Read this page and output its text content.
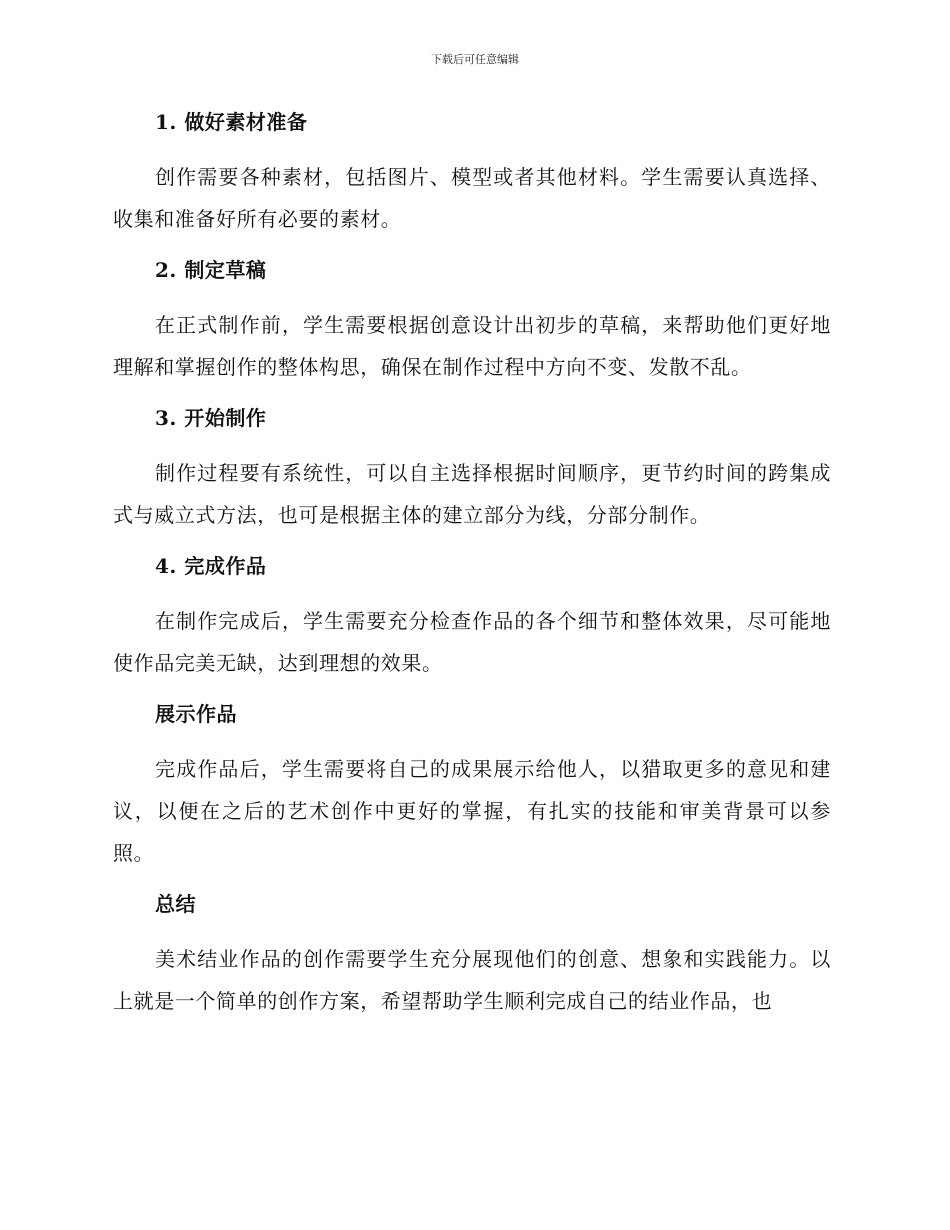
下载后可任意编辑
1. 做好素材准备

创作需要各种素材，包括图片、模型或者其他材料。学生需要认真选择、收集和准备好所有必要的素材。

2. 制定草稿

在正式制作前，学生需要根据创意设计出初步的草稿，来帮助他们更好地理解和掌握创作的整体构思，确保在制作过程中方向不变、发散不乱。

3. 开始制作

制作过程要有系统性，可以自主选择根据时间顺序，更节约时间的跨集成式与威立式方法，也可是根据主体的建立部分为线，分部分制作。

4. 完成作品

在制作完成后，学生需要充分检查作品的各个细节和整体效果，尽可能地使作品完美无缺，达到理想的效果。

展示作品

完成作品后，学生需要将自己的成果展示给他人，以猎取更多的意见和建议，以便在之后的艺术创作中更好的掌握，有扎实的技能和审美背景可以参照。

总结

美术结业作品的创作需要学生充分展现他们的创意、想象和实践能力。以上就是一个简单的创作方案，希望帮助学生顺利完成自己的结业作品，也
